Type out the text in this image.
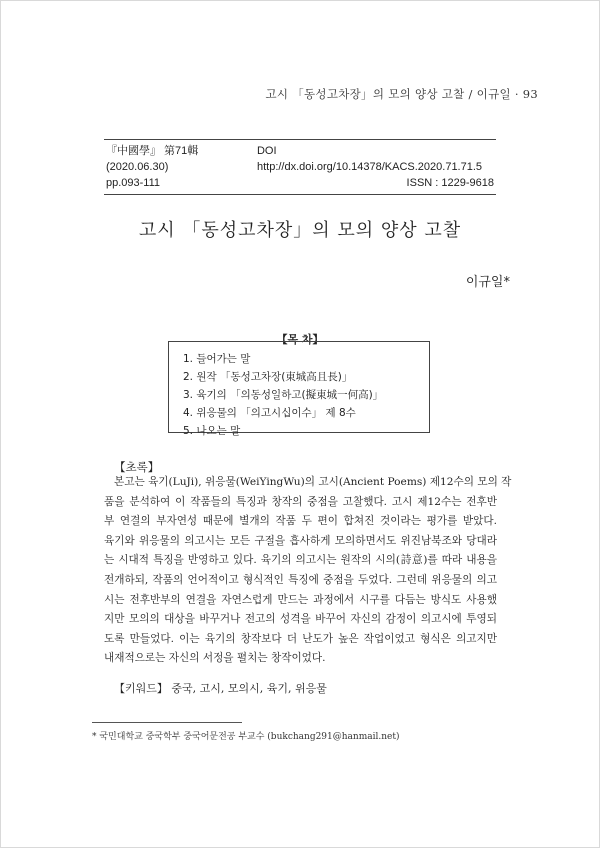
고시 「동성고차장」의 모의 양상 고찰 / 이규일 · 93
『中國學』 第71輯 (2020.06.30)
DOI http://dx.doi.org/10.14378/KACS.2020.71.71.5
pp.093-111	ISSN : 1229-9618
고시 「동성고차장」의 모의 양상 고찰
이규일*
【목 차】
1. 들어가는 말
2. 원작 「동성고차장(東城高且長)」
3. 육기의 「의동성일하고(擬東城一何高)」
4. 위응물의 「의고시십이수」 제 8수
5. 나오는 말
【초록】
본고는 육기(LuJi), 위응물(WeiYingWu)의 고시(Ancient Poems) 제12수의 모의 작
품을 분석하여 이 작품들의 특징과 창작의 중점을 고찰했다. 고시 제12수는 전후반
부 연결의 부자연성 때문에 별개의 작품 두 편이 합쳐진 것이라는 평가를 받았다.
육기와 위응물의 의고시는 모든 구절을 흡사하게 모의하면서도 위진남북조와 당대라
는 시대적 특징을 반영하고 있다. 육기의 의고시는 원작의 시의(詩意)를 따라 내용을
전개하되, 작품의 언어적이고 형식적인 특징에 중점을 두었다. 그런데 위응물의 의고
시는 전후반부의 연결을 자연스럽게 만드는 과정에서 시구를 다듬는 방식도 사용했
지만 모의의 대상을 바꾸거나 전고의 성격을 바꾸어 자신의 감정이 의고시에 투영되
도록 만들었다. 이는 육기의 창작보다 더 난도가 높은 작업이었고 형식은 의고지만
내재적으로는 자신의 서정을 펼치는 창작이었다.
【키워드】 중국, 고시, 모의시, 육기, 위응물
* 국민대학교 중국학부 중국어문전공 부교수 (bukchang291@hanmail.net)
